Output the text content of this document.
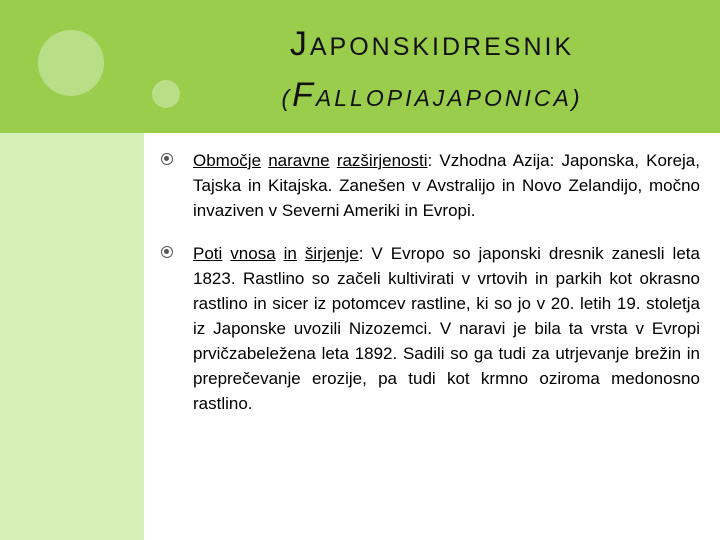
JAPONSKIDRESNIK
(FALLOPIAJAPONICA)
Območje naravne razširjenosti: Vzhodna Azija: Japonska, Koreja, Tajska in Kitajska. Zanešen v Avstralijo in Novo Zelandijo, močno invaziven v Severni Ameriki in Evropi.
Poti vnosa in širjenje: V Evropo so japonski dresnik zanesli leta 1823. Rastlino so začeli kultivirati v vrtovih in parkih kot okrasno rastlino in sicer iz potomcev rastline, ki so jo v 20. letih 19. stoletja iz Japonske uvozili Nizozemci. V naravi je bila ta vrsta v Evropi prvičzabeležena leta 1892. Sadili so ga tudi za utrjevanje brežin in preprečevanje erozije, pa tudi kot krmno oziroma medonosno rastlino.
